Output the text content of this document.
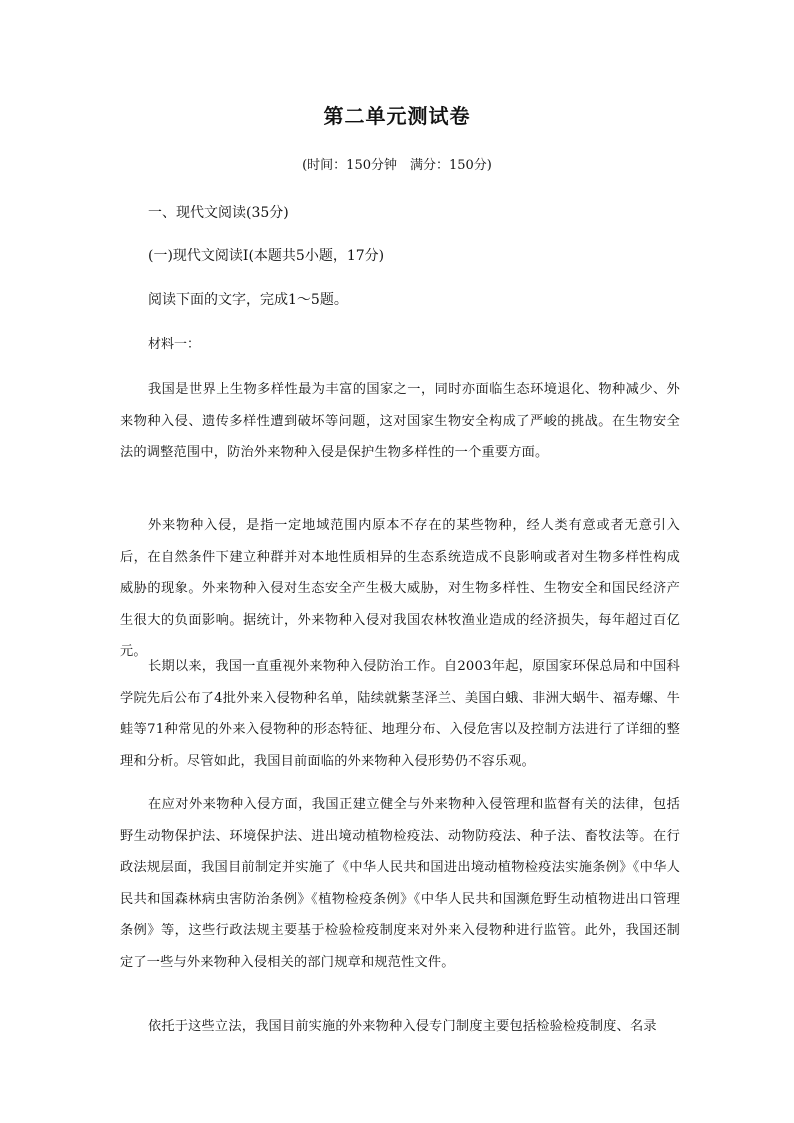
第二单元测试卷
(时间：150分钟　满分：150分)
一、现代文阅读(35分)
(一)现代文阅读Ⅰ(本题共5小题，17分)
阅读下面的文字，完成1～5题。
材料一：

我国是世界上生物多样性最为丰富的国家之一，同时亦面临生态环境退化、物种减少、外来物种入侵、遗传多样性遭到破坏等问题，这对国家生物安全构成了严峻的挑战。在生物安全法的调整范围中，防治外来物种入侵是保护生物多样性的一个重要方面。

外来物种入侵，是指一定地域范围内原本不存在的某些物种，经人类有意或者无意引入后，在自然条件下建立种群并对本地性质相异的生态系统造成不良影响或者对生物多样性构成威胁的现象。外来物种入侵对生态安全产生极大威胁，对生物多样性、生物安全和国民经济产生很大的负面影响。据统计，外来物种入侵对我国农林牧渔业造成的经济损失，每年超过百亿元。

长期以来，我国一直重视外来物种入侵防治工作。自2003年起，原国家环保总局和中国科学院先后公布了4批外来入侵物种名单，陆续就紫茎泽兰、美国白蛾、非洲大蜗牛、福寿螺、牛蛙等71种常见的外来入侵物种的形态特征、地理分布、入侵危害以及控制方法进行了详细的整理和分析。尽管如此，我国目前面临的外来物种入侵形势仍不容乐观。

在应对外来物种入侵方面，我国正建立健全与外来物种入侵管理和监督有关的法律，包括野生动物保护法、环境保护法、进出境动植物检疫法、动物防疫法、种子法、畜牧法等。在行政法规层面，我国目前制定并实施了《中华人民共和国进出境动植物检疫法实施条例》《中华人民共和国森林病虫害防治条例》《植物检疫条例》《中华人民共和国濒危野生动植物进出口管理条例》等，这些行政法规主要基于检验检疫制度来对外来入侵物种进行监管。此外，我国还制定了一些与外来物种入侵相关的部门规章和规范性文件。

依托于这些立法，我国目前实施的外来物种入侵专门制度主要包括检验检疫制度、名录
